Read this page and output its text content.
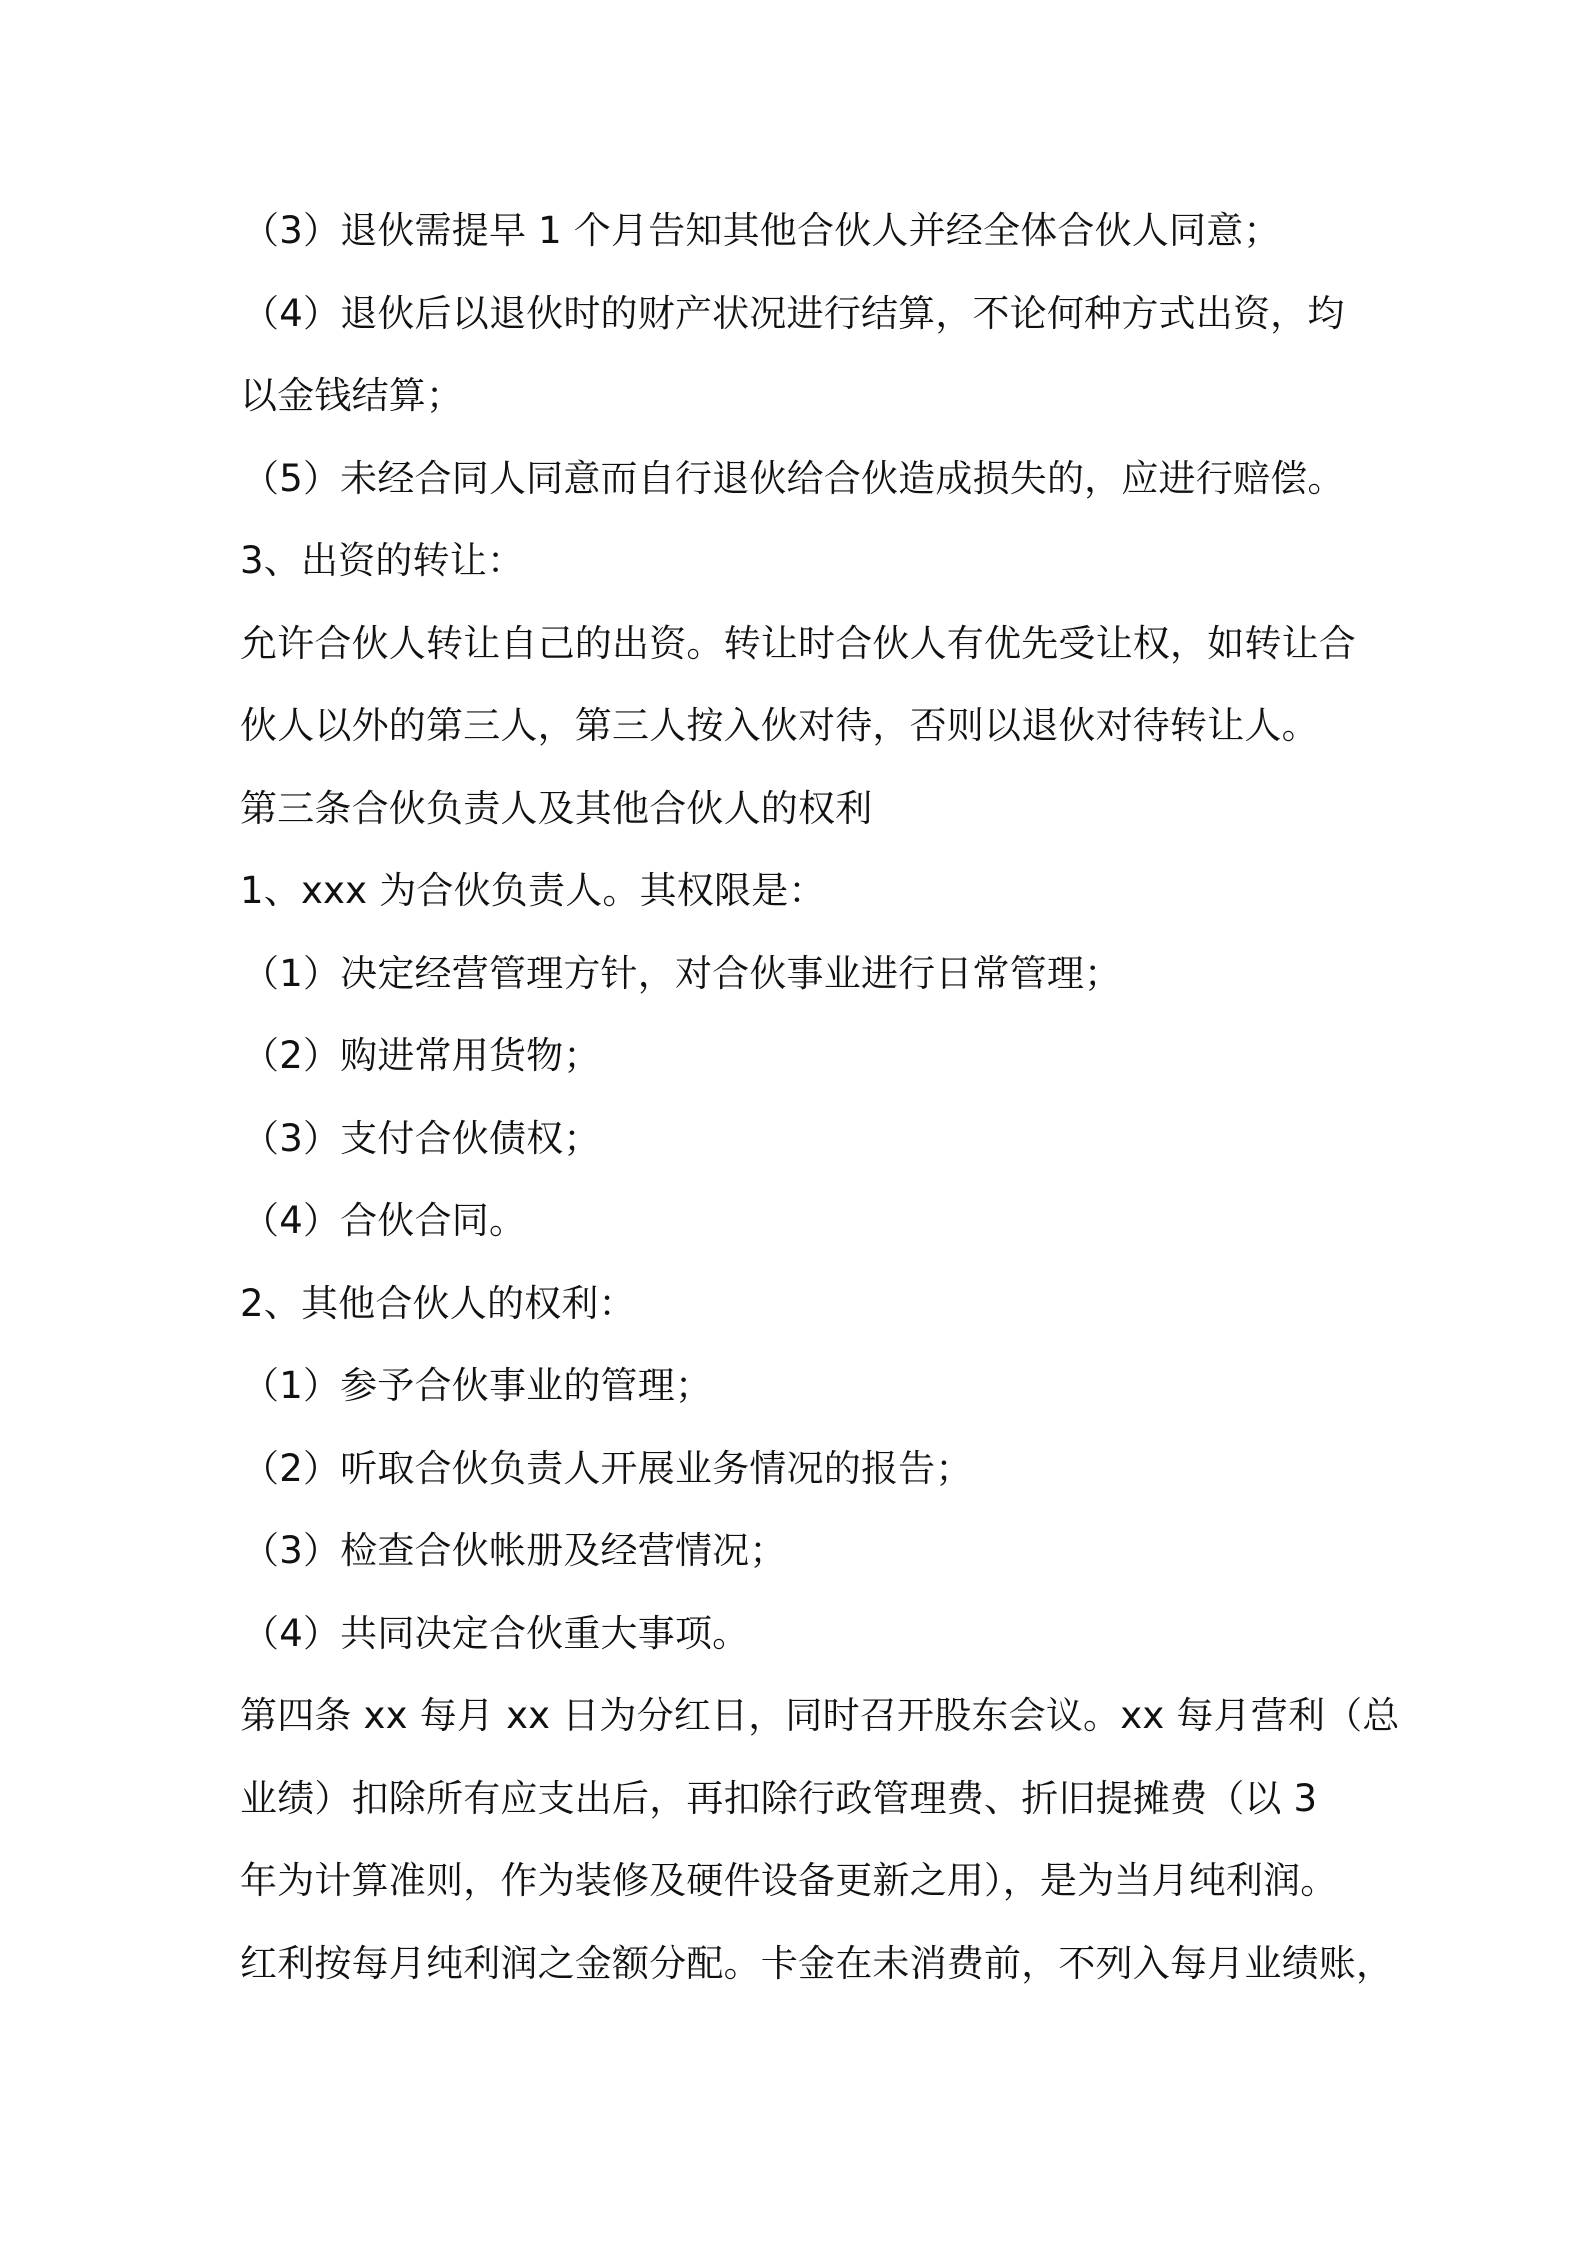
（3）退伙需提早 1 个月告知其他合伙人并经全体合伙人同意；
（4）退伙后以退伙时的财产状况进行结算，不论何种方式出资，均
以金钱结算；
（5）未经合同人同意而自行退伙给合伙造成损失的，应进行赔偿。
3、出资的转让：
允许合伙人转让自己的出资。转让时合伙人有优先受让权，如转让合
伙人以外的第三人，第三人按入伙对待，否则以退伙对待转让人。
第三条合伙负责人及其他合伙人的权利
1、xxx 为合伙负责人。其权限是：
（1）决定经营管理方针，对合伙事业进行日常管理；
（2）购进常用货物；
（3）支付合伙债权；
（4）合伙合同。
2、其他合伙人的权利：
（1）参予合伙事业的管理；
（2）听取合伙负责人开展业务情况的报告；
（3）检查合伙帐册及经营情况；
（4）共同决定合伙重大事项。
第四条 xx 每月 xx 日为分红日，同时召开股东会议。xx 每月营利（总
业绩）扣除所有应支出后，再扣除行政管理费、折旧提摊费（以 3
年为计算准则，作为装修及硬件设备更新之用），是为当月纯利润。
红利按每月纯利润之金额分配。卡金在未消费前，不列入每月业绩账，
